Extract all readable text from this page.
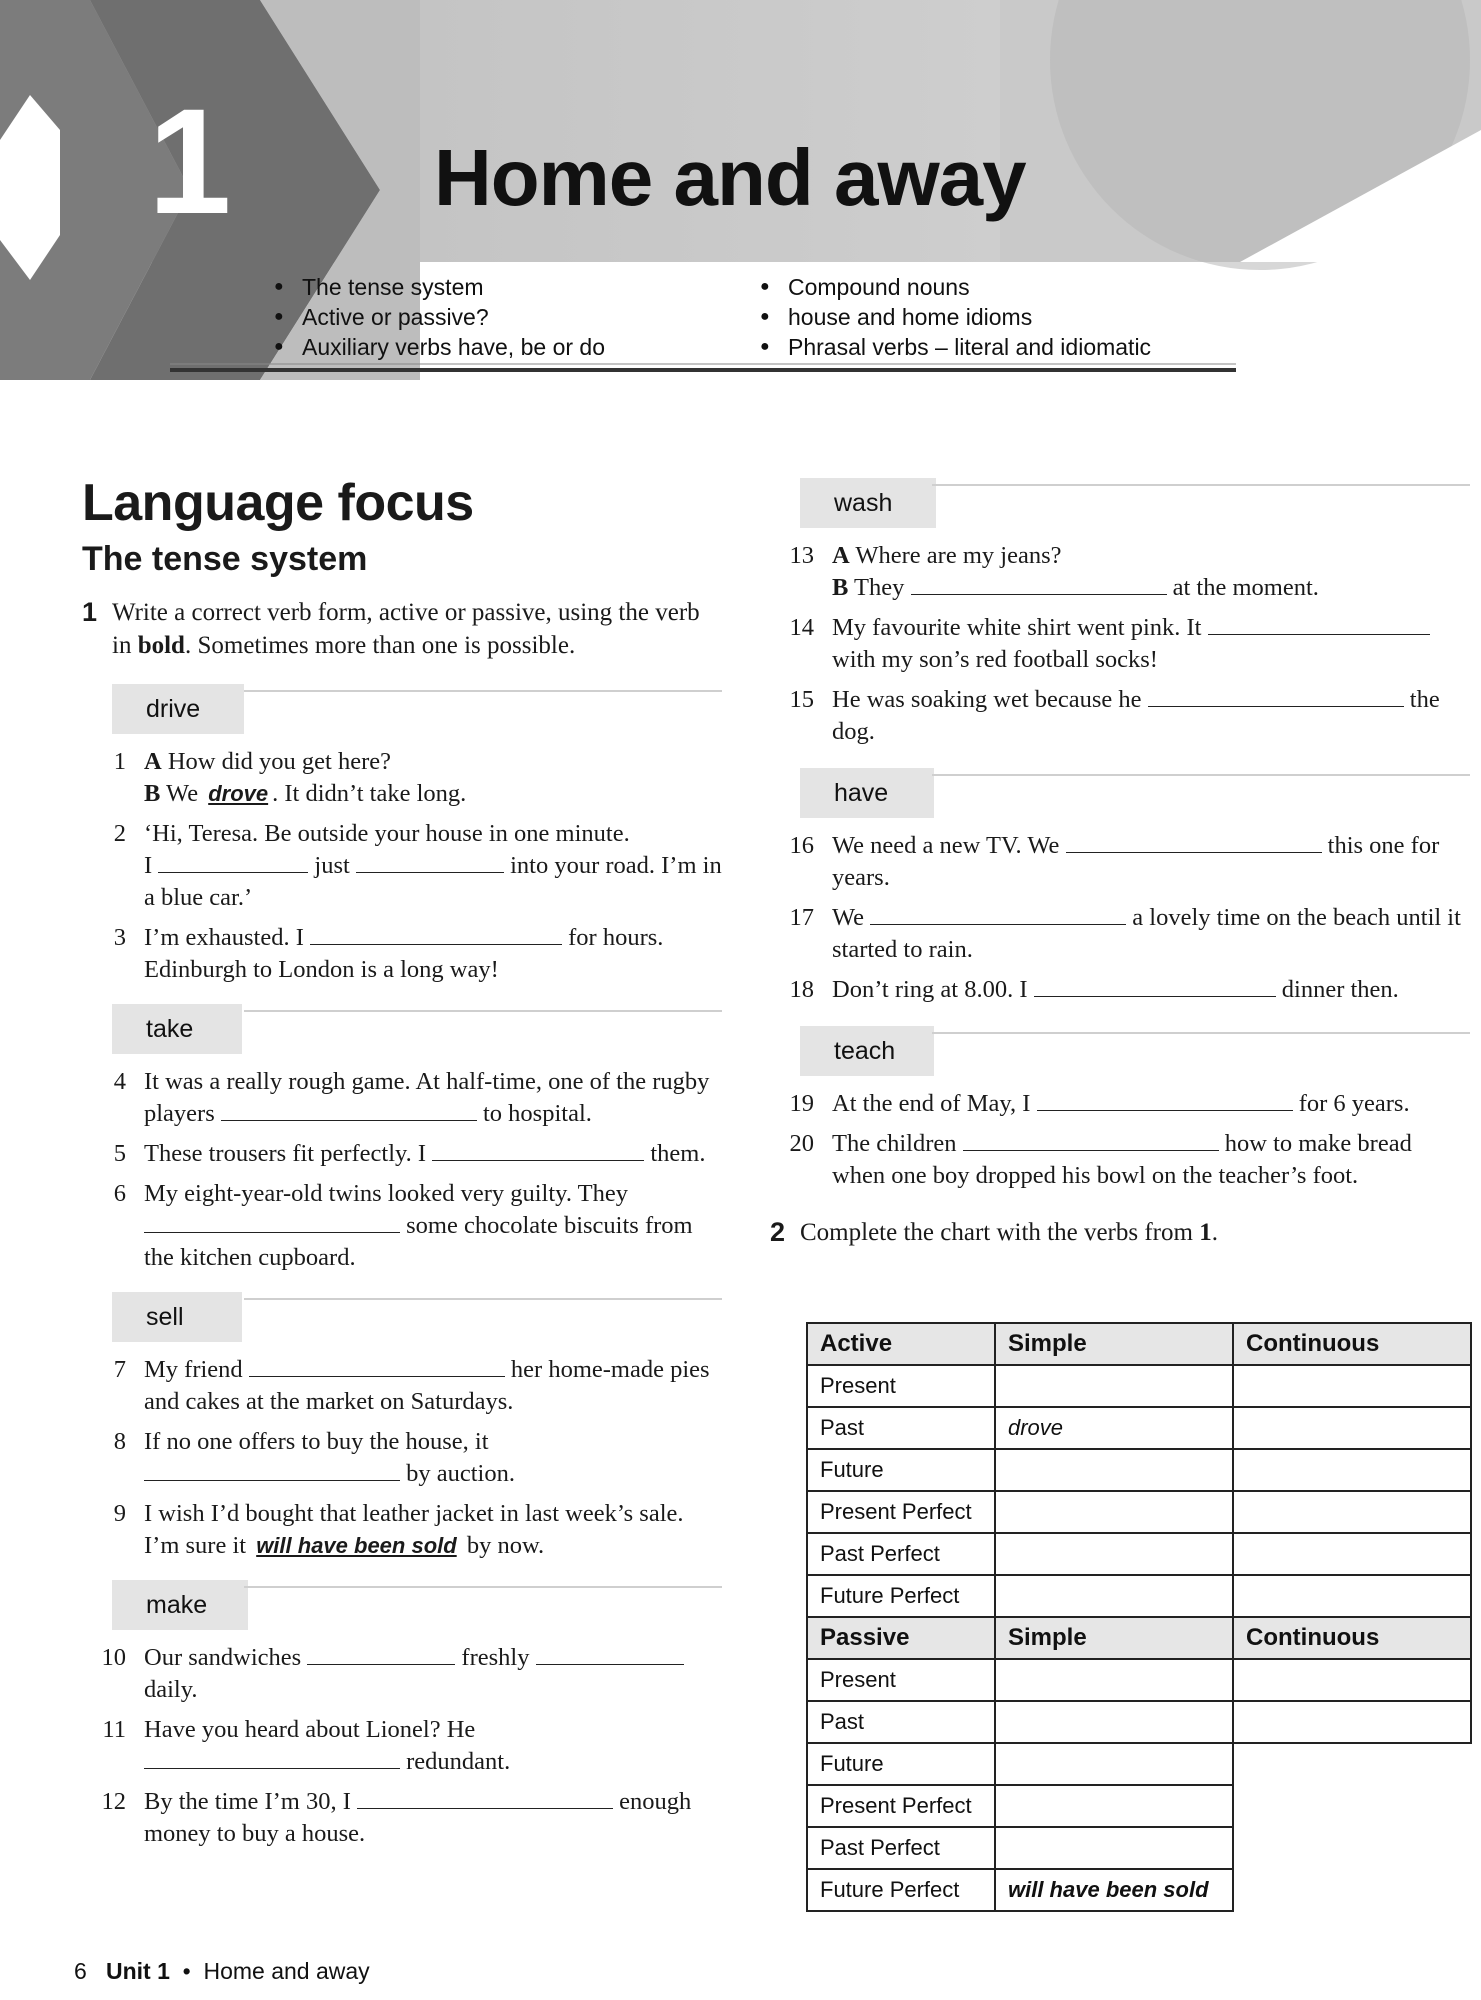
1	Home and away
● The tense system
● Active or passive?
● Auxiliary verbs have, be or do
● Compound nouns
● house and home idioms
● Phrasal verbs – literal and idiomatic
Language focus
The tense system
1 Write a correct verb form, active or passive, using the verb in bold. Sometimes more than one is possible.
drive
1 A How did you get here?
B We drove . It didn’t take long.
2 ‘Hi, Teresa. Be outside your house in one minute.
I	just	into your road. I’m in a blue car.’
3 I’m exhausted. I	for hours. Edinburgh to London is a long way!
take
4 It was a really rough game. At half-time, one of the rugby players	to hospital.
5 These trousers fit perfectly. I	them.
6 My eight-year-old twins looked very guilty. They  some chocolate biscuits from the kitchen cupboard.
sell
7 My friend	her home-made pies and cakes at the market on Saturdays.
8 If no one offers to buy the house, it  by auction.
9 I wish I’d bought that leather jacket in last week’s sale. I’m sure it will have been sold by now.
make
10 Our sandwiches	freshly  daily.
11 Have you heard about Lionel? He  redundant.
12 By the time I’m 30, I	enough money to buy a house.
wash
13 A Where are my jeans?
B They	at the moment.
14 My favourite white shirt went pink. It  with my son’s red football socks!
15 He was soaking wet because he	the dog.
have
16 We need a new TV. We	this one for years.
17 We	a lovely time on the beach until it started to rain.
18 Don’t ring at 8.00. I	dinner then.
teach
19 At the end of May, I	for 6 years.
20 The children	how to make bread when one boy dropped his bowl on the teacher’s foot.
2 Complete the chart with the verbs from 1.
Active	Simple	Continuous
Present		
Past	drove	
Future		
Present Perfect		
Past Perfect		
Future Perfect		
Passive	Simple	Continuous
Present		
Past		
Future		
Present Perfect		
Past Perfect		
Future Perfect	will have been sold	
6 Unit 1 • Home and away
